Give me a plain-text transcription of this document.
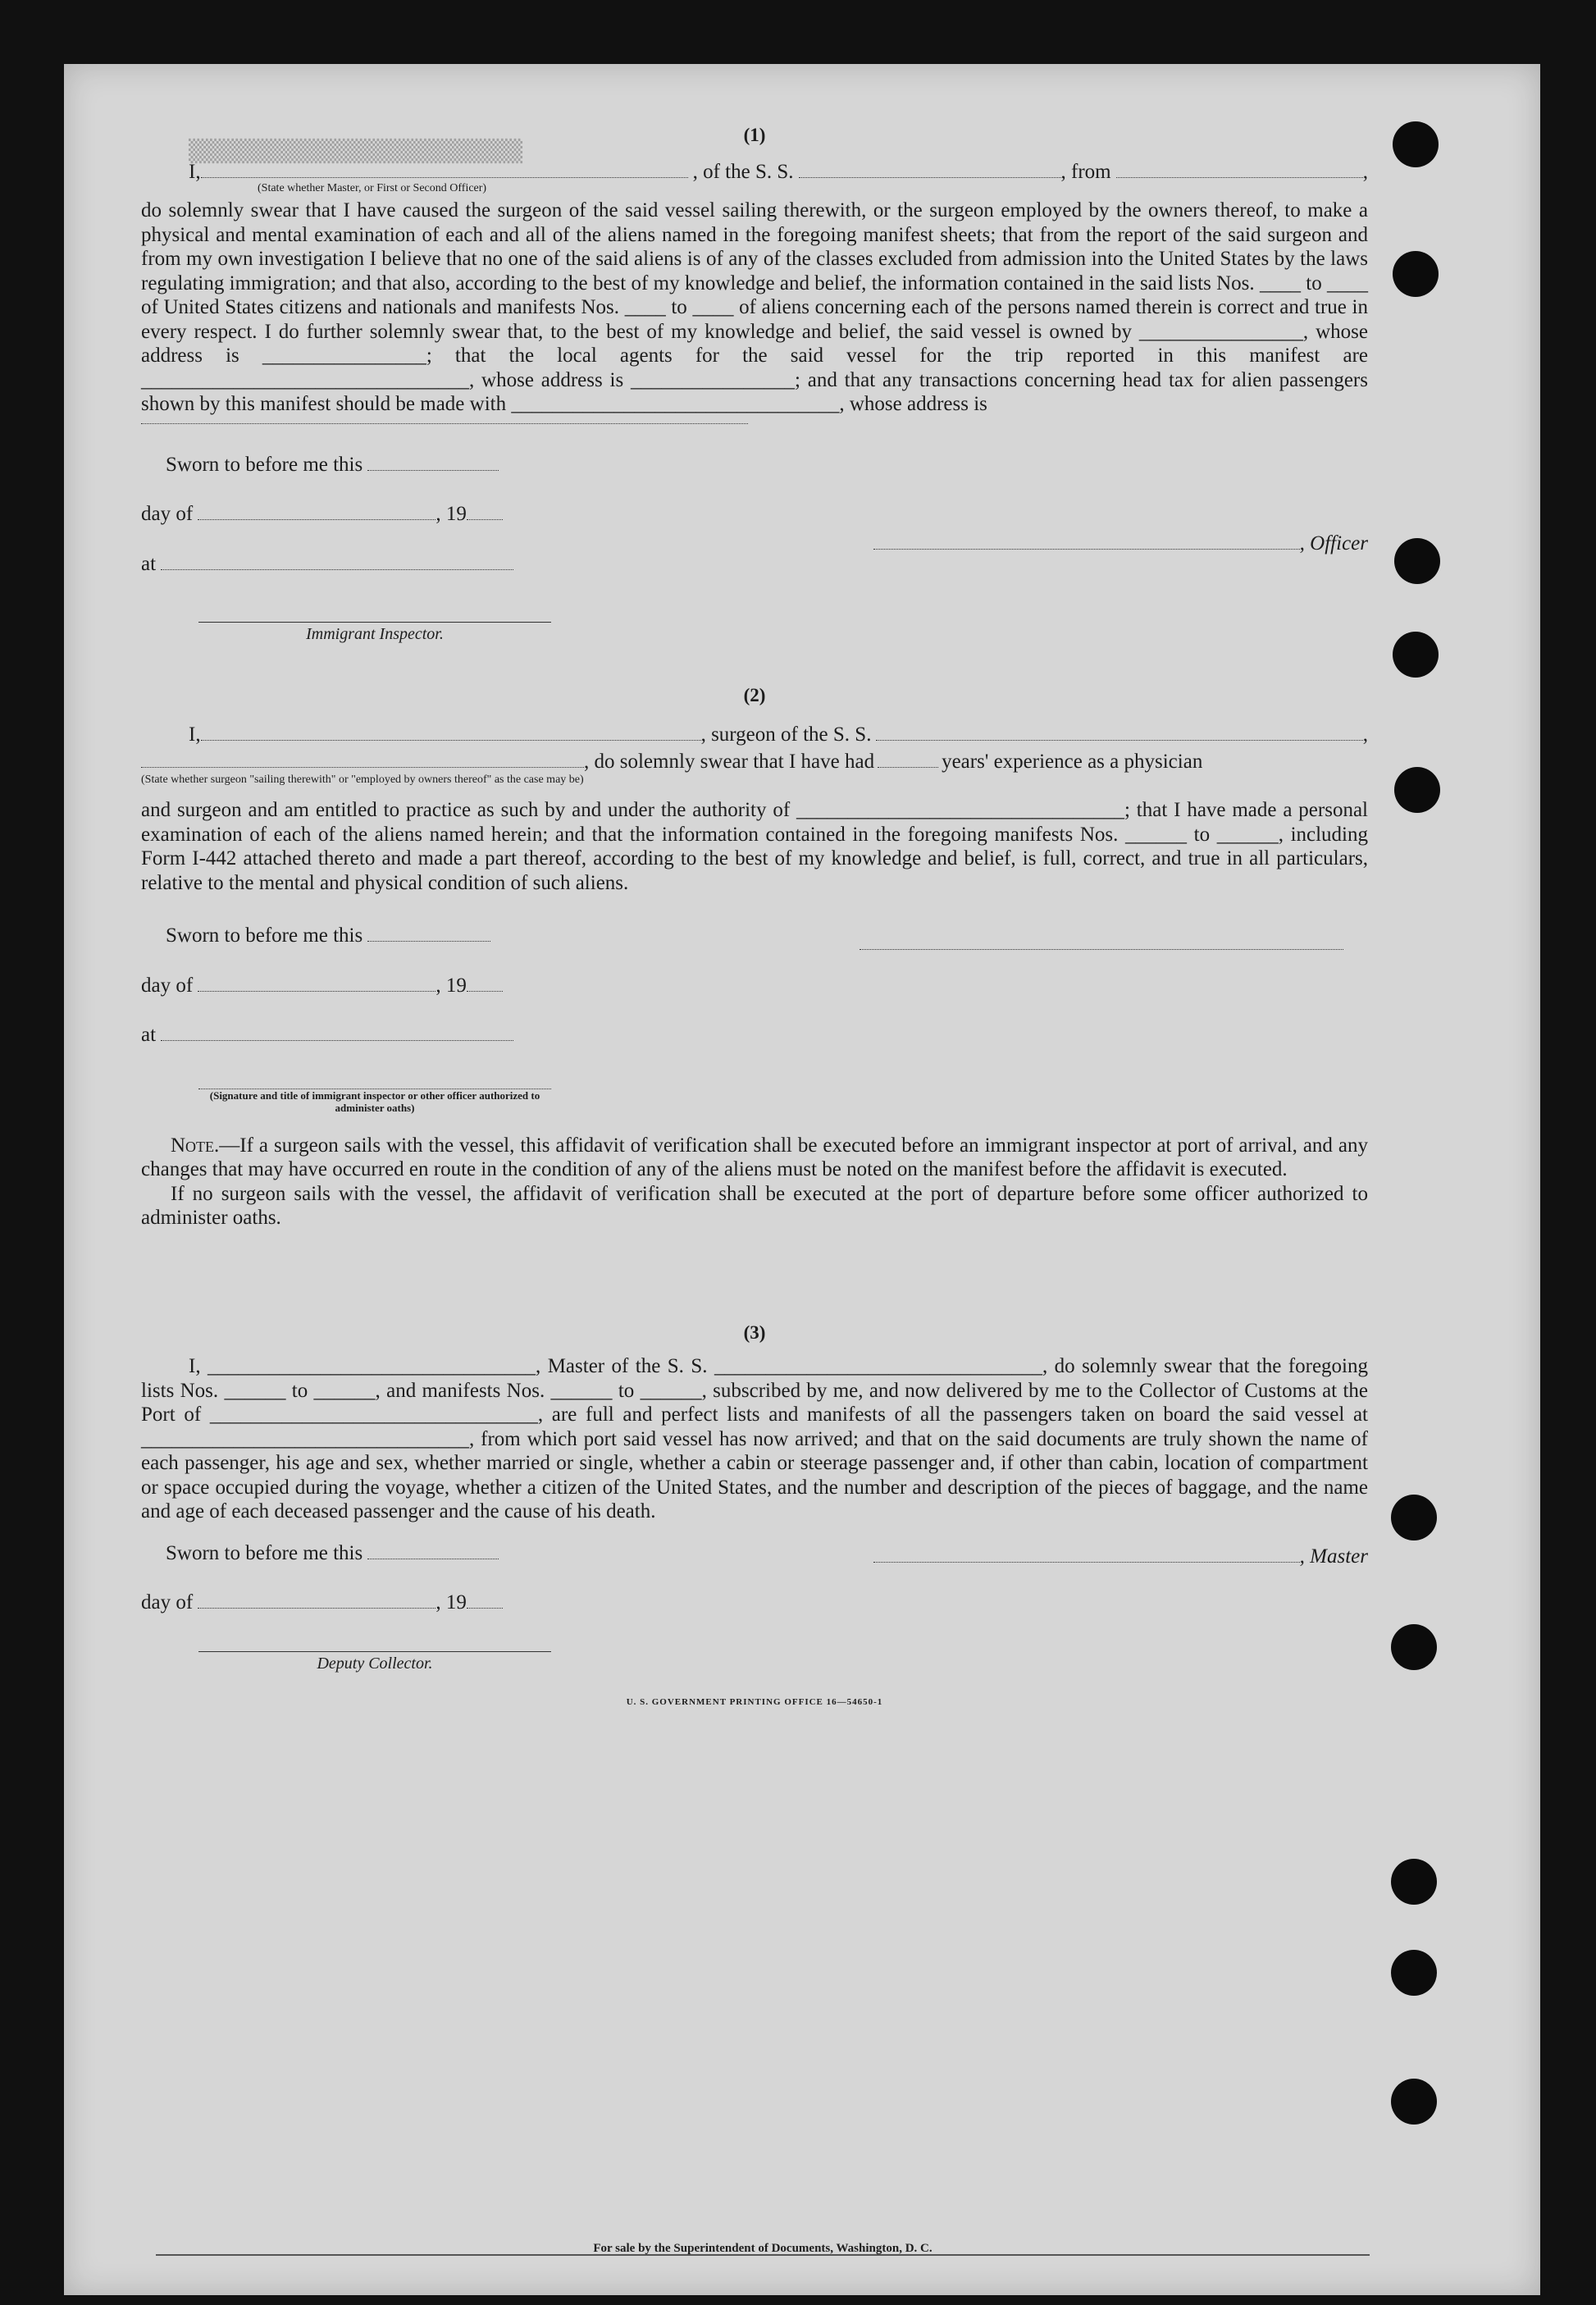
(1)
I,	, of the S. S.	, from	,
(State whether Master, or First or Second Officer)

do solemnly swear that I have caused the surgeon of the said vessel sailing therewith, or the surgeon employed by the owners thereof, to make a physical and mental examination of each and all of the aliens named in the foregoing manifest sheets; that from the report of the said surgeon and from my own investigation I believe that no one of the said aliens is of any of the classes excluded from admission into the United States by the laws regulating immigration; and that also, according to the best of my knowledge and belief, the information contained in the said lists Nos. ____ to ____ of United States citizens and nationals and manifests Nos. ____ to ____ of aliens concerning each of the persons named therein is correct and true in every respect. I do further solemnly swear that, to the best of my knowledge and belief, the said vessel is owned by ________________, whose address is ________________; that the local agents for the said vessel for the trip reported in this manifest are ________________________________, whose address is ________________; and that any transactions concerning head tax for alien passengers shown by this manifest should be made with ________________________________, whose address is

Sworn to before me this
day of	, 19
at
Immigrant Inspector.
, Officer
(2)
I,	, surgeon of the S. S.	,
, do solemnly swear that I have had	years' experience as a physician
(State whether surgeon "sailing therewith" or "employed by owners thereof" as the case may be)

and surgeon and am entitled to practice as such by and under the authority of ________________________________; that I have made a personal examination of each of the aliens named herein; and that the information contained in the foregoing manifests Nos. ______ to ______, including Form I-442 attached thereto and made a part thereof, according to the best of my knowledge and belief, is full, correct, and true in all particulars, relative to the mental and physical condition of such aliens.

Sworn to before me this
day of	, 19
at
(Signature and title of immigrant inspector or other officer authorized to administer oaths)

Note.—If a surgeon sails with the vessel, this affidavit of verification shall be executed before an immigrant inspector at port of arrival, and any changes that may have occurred en route in the condition of any of the aliens must be noted on the manifest before the affidavit is executed.

If no surgeon sails with the vessel, the affidavit of verification shall be executed at the port of departure before some officer authorized to administer oaths.

(3)

I, ________________________________, Master of the S. S. ________________________________, do solemnly swear that the foregoing lists Nos. ______ to ______, and manifests Nos. ______ to ______, subscribed by me, and now delivered by me to the Collector of Customs at the Port of ________________________________, are full and perfect lists and manifests of all the passengers taken on board the said vessel at ________________________________, from which port said vessel has now arrived; and that on the said documents are truly shown the name of each passenger, his age and sex, whether married or single, whether a cabin or steerage passenger and, if other than cabin, location of compartment or space occupied during the voyage, whether a citizen of the United States, and the number and description of the pieces of baggage, and the name and age of each deceased passenger and the cause of his death.

Sworn to before me this
day of	, 19
Deputy Collector.
, Master
U. S. GOVERNMENT PRINTING OFFICE 16—54650-1
For sale by the Superintendent of Documents, Washington, D. C.
▒▒▒▒▒▒▒▒▒▒▒▒▒▒▒▒▒▒▒▒▒▒▒▒▒▒
